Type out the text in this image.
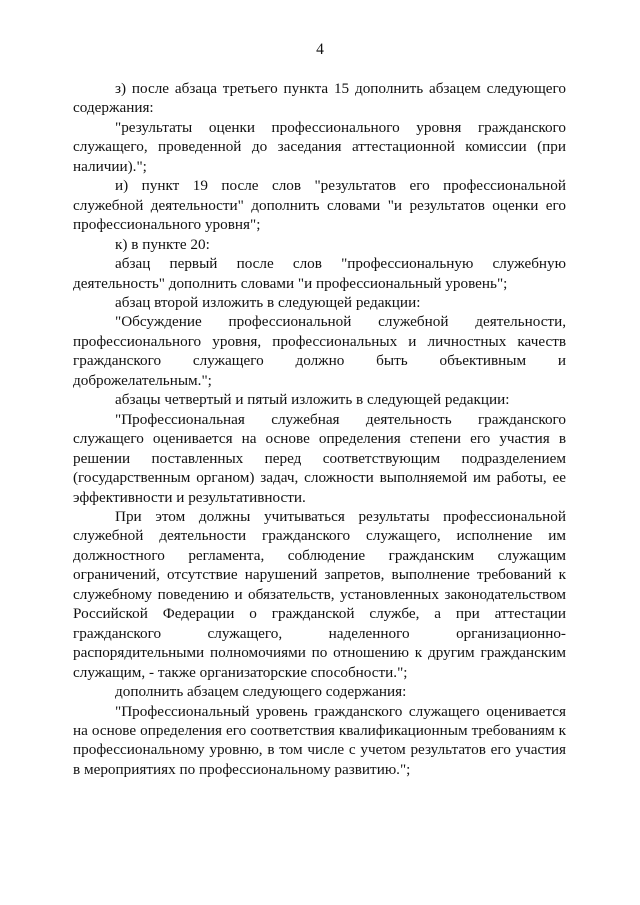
4

з) после абзаца третьего пункта 15 дополнить абзацем следующего содержания:

"результаты оценки профессионального уровня гражданского служащего, проведенной до заседания аттестационной комиссии (при наличии).";

и) пункт 19 после слов "результатов его профессиональной служебной деятельности" дополнить словами "и результатов оценки его профессионального уровня";

к) в пункте 20:

абзац первый после слов "профессиональную служебную деятельность" дополнить словами "и профессиональный уровень";

абзац второй изложить в следующей редакции:

"Обсуждение профессиональной служебной деятельности, профессионального уровня, профессиональных и личностных качеств гражданского служащего должно быть объективным и доброжелательным.";

абзацы четвертый и пятый изложить в следующей редакции:

"Профессиональная служебная деятельность гражданского служащего оценивается на основе определения степени его участия в решении поставленных перед соответствующим подразделением (государственным органом) задач, сложности выполняемой им работы, ее эффективности и результативности.

При этом должны учитываться результаты профессиональной служебной деятельности гражданского служащего, исполнение им должностного регламента, соблюдение гражданским служащим ограничений, отсутствие нарушений запретов, выполнение требований к служебному поведению и обязательств, установленных законодательством Российской Федерации о гражданской службе, а при аттестации гражданского служащего, наделенного организационно-распорядительными полномочиями по отношению к другим гражданским служащим, - также организаторские способности.";

дополнить абзацем следующего содержания:

"Профессиональный уровень гражданского служащего оценивается на основе определения его соответствия квалификационным требованиям к профессиональному уровню, в том числе с учетом результатов его участия в мероприятиях по профессиональному развитию.";
